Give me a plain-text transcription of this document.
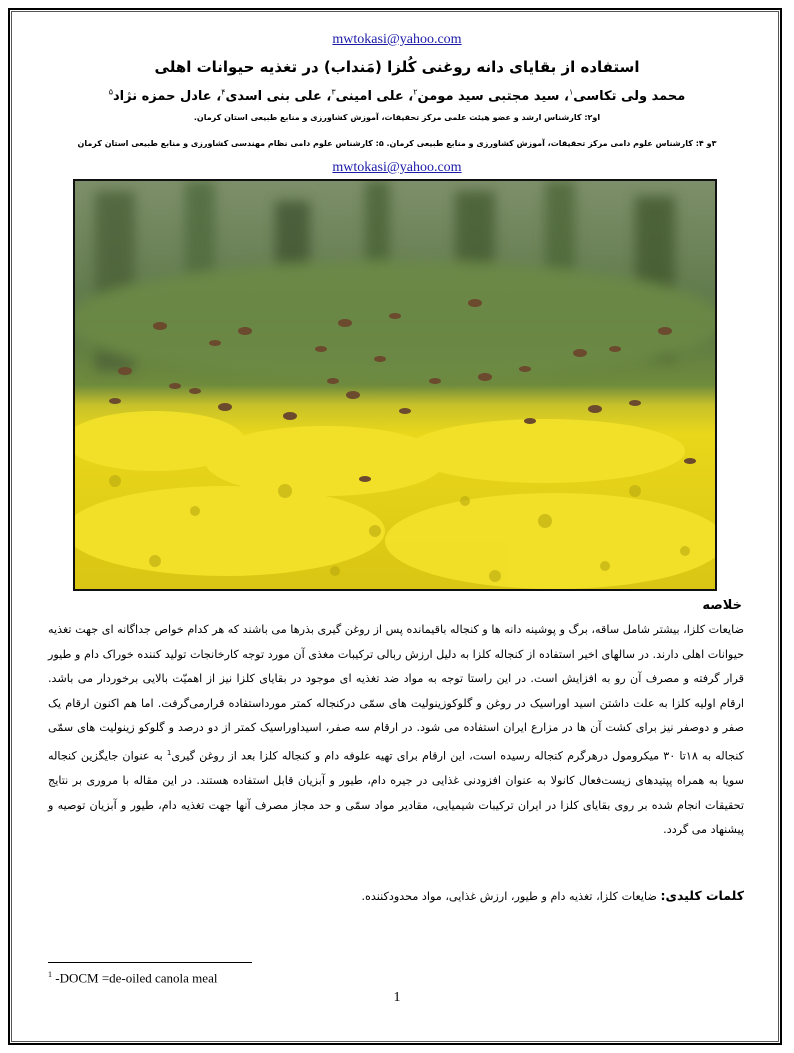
mwtokasi@yahoo.com
استفاده از بقایای دانه روغنی کُلزا (مَنداب) در تغذیه حیوانات اهلی
محمد ولی تکاسی$^۱$، سید مجتبی سید مومن$^۲$، علی امینی$^۳$، علی بنی اسدی$^۴$، عادل حمزه نژاد$^۵$
او۲: کارشناس ارشد و عضو هیئت علمی مرکز تحقیقات، آموزش کشاورزی و منابع طبیعی استان کرمان.
۳و ۴: کارشناس علوم دامی مرکز تحقیقات، آموزش کشاورزی و منابع طبیعی کرمان. ۵: کارشناس علوم دامی نظام مهندسی کشاورزی و منابع طبیعی استان کرمان
mwtokasi@yahoo.com
خلاصه
ضایعات کلزا، بیشتر شامل ساقه، برگ و پوشینه دانه ها و کنجاله باقیمانده پس از روغن گیری بذرها می باشند که هر کدام خواص جداگانه ای جهت تغذیه حیوانات اهلی دارند. در سالهای اخیر استفاده از کنجاله کلزا به دلیل ارزش ربالی ترکیبات مغذی آن مورد توجه کارخانجات تولید کننده خوراک دام و طیور قرار گرفته و مصرف آن رو به افزایش است. در این راستا توجه به مواد ضد تغذیه ای موجود در بقایای کلزا نیز از اهمیّت بالایی برخوردار می باشد. ارقام اولیه کلزا به علت داشتن اسید اوراسیک در روغن و گلوکوزینولیت های سمّی درکنجاله کمتر مورداستفاده قرارمی‌گرفت. اما هم اکنون ارقام یک صفر و دوصفر نیز برای کشت آن ها در مزارع ایران استفاده می شود. در ارقام سه صفر، اسیداوراسیک کمتر از دو درصد و گلوکو زینولیت های سمّی کنجاله به ۱۸تا ۳۰ میکرومول درهرگرم کنجاله رسیده است، این ارقام برای تهیه علوفه دام و کنجاله کلزا بعد از روغن گیری$^1$ به عنوان جایگزین کنجاله سویا به همراه پپتیدهای زیست‌فعال کانولا به عنوان افزودنی غذایی در جیره دام، طیور و آبزیان قابل استفاده هستند. در این مقاله با مروری بر نتایج تحقیقات انجام شده بر روی بقایای کلزا در ایران ترکیبات شیمیایی، مقادیر مواد سمّی و حد مجاز مصرف آنها جهت تغذیه دام، طیور و آبزیان توصیه و پیشنهاد می گردد.
کلمات کلیدی: ضایعات کلزا، تغذیه دام و طیور، ارزش غذایی، مواد محدودکننده.
$^1$ -DOCM =de-oiled canola meal
1
